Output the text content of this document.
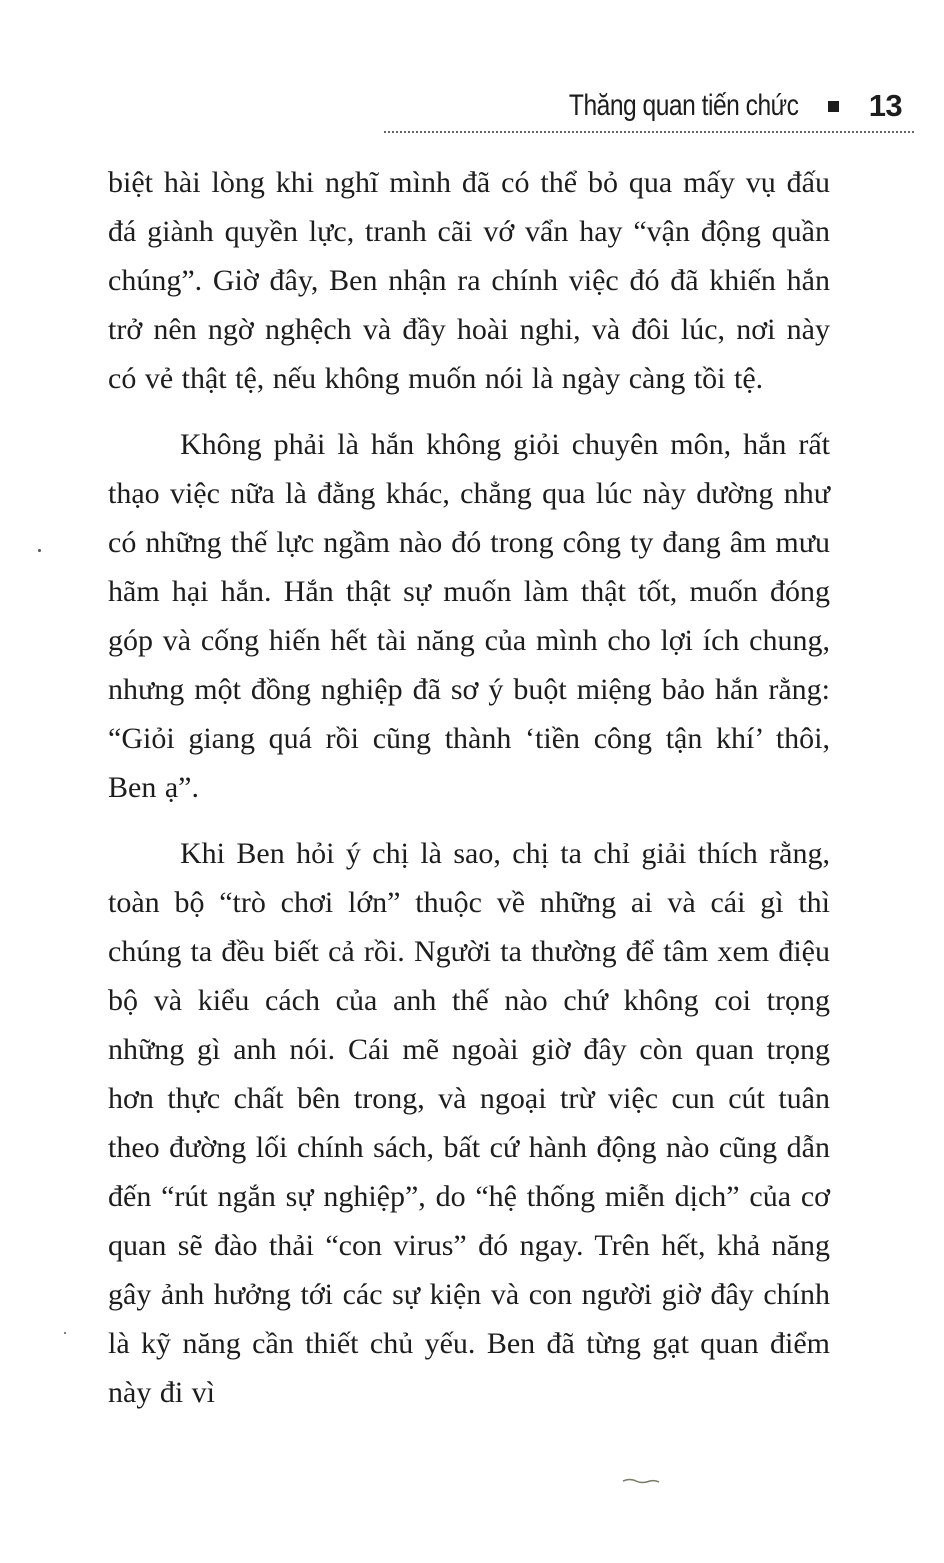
Thăng quan tiến chức	13

biệt hài lòng khi nghĩ mình đã có thể bỏ qua mấy vụ đấu đá giành quyền lực, tranh cãi vớ vẩn hay “vận động quần chúng”. Giờ đây, Ben nhận ra chính việc đó đã khiến hắn trở nên ngờ nghệch và đầy hoài nghi, và đôi lúc, nơi này có vẻ thật tệ, nếu không muốn nói là ngày càng tồi tệ.

Không phải là hắn không giỏi chuyên môn, hắn rất thạo việc nữa là đằng khác, chẳng qua lúc này dường như có những thế lực ngầm nào đó trong công ty đang âm mưu hãm hại hắn. Hắn thật sự muốn làm thật tốt, muốn đóng góp và cống hiến hết tài năng của mình cho lợi ích chung, nhưng một đồng nghiệp đã sơ ý buột miệng bảo hắn rằng: “Giỏi giang quá rồi cũng thành ‘tiền công tận khí’ thôi, Ben ạ”.

Khi Ben hỏi ý chị là sao, chị ta chỉ giải thích rằng, toàn bộ “trò chơi lớn” thuộc về những ai và cái gì thì chúng ta đều biết cả rồi. Người ta thường để tâm xem điệu bộ và kiểu cách của anh thế nào chứ không coi trọng những gì anh nói. Cái mẽ ngoài giờ đây còn quan trọng hơn thực chất bên trong, và ngoại trừ việc cun cút tuân theo đường lối chính sách, bất cứ hành động nào cũng dẫn đến “rút ngắn sự nghiệp”, do “hệ thống miễn dịch” của cơ quan sẽ đào thải “con virus” đó ngay. Trên hết, khả năng gây ảnh hưởng tới các sự kiện và con người giờ đây chính là kỹ năng cần thiết chủ yếu. Ben đã từng gạt quan điểm này đi vì
